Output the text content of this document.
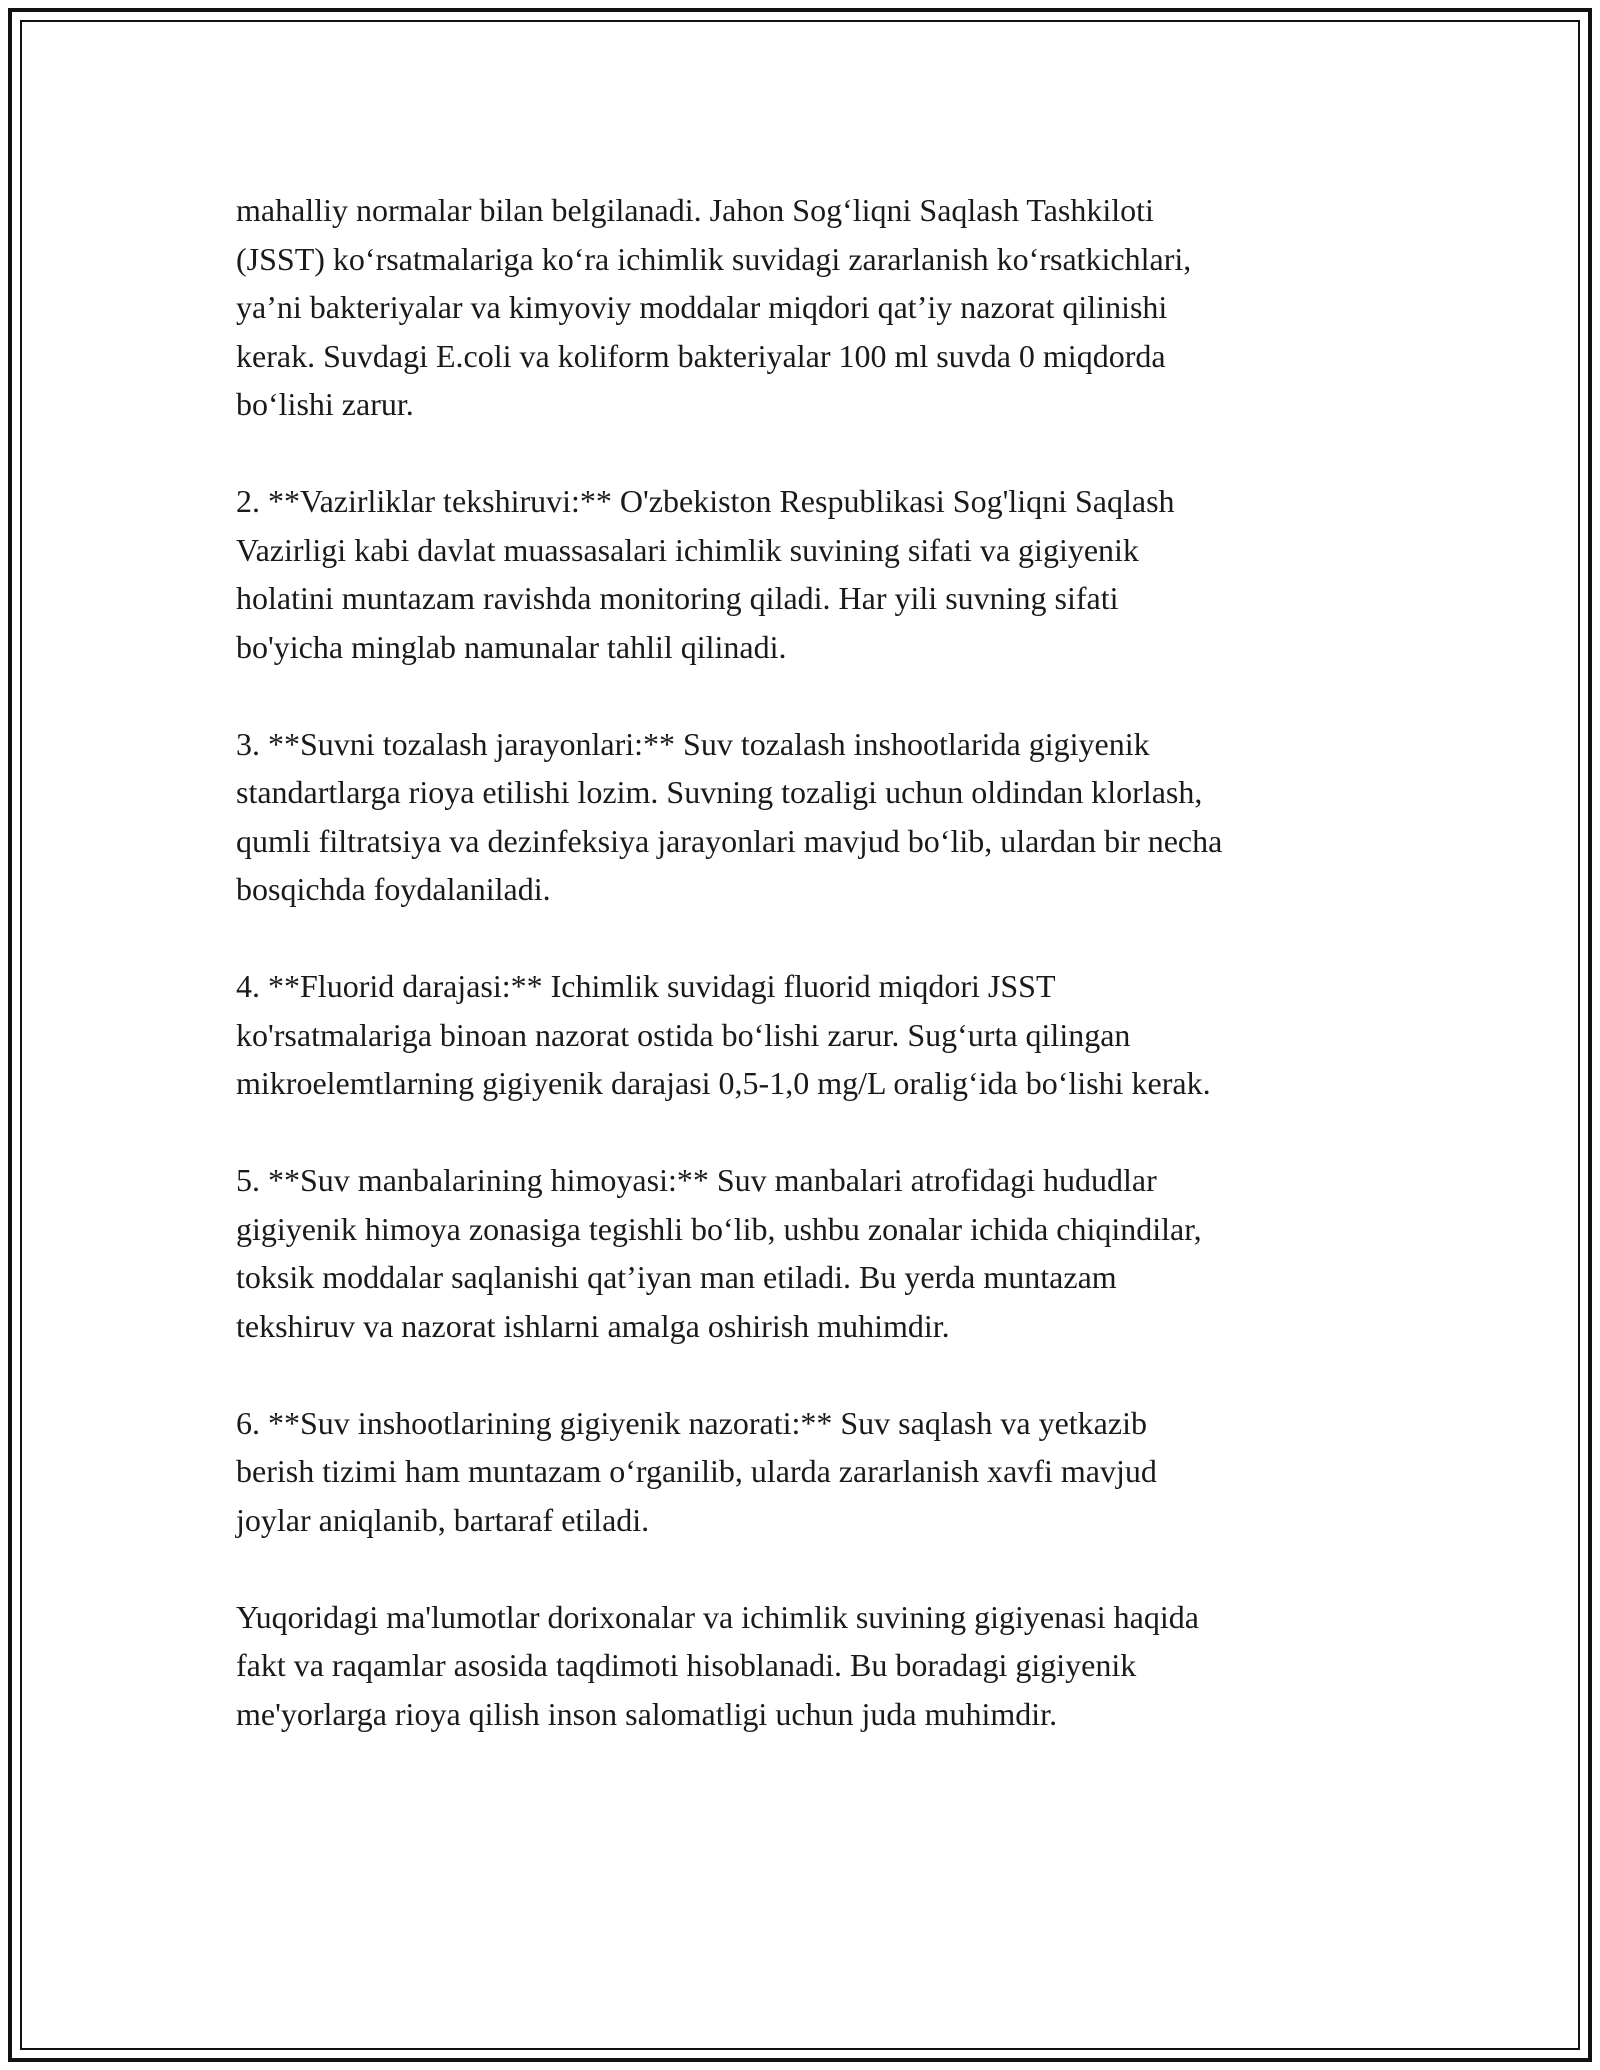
mahalliy normalar bilan belgilanadi. Jahon Sog‘liqni Saqlash Tashkiloti
(JSST) ko‘rsatmalariga ko‘ra ichimlik suvidagi zararlanish ko‘rsatkichlari,
ya’ni bakteriyalar va kimyoviy moddalar miqdori qat’iy nazorat qilinishi
kerak. Suvdagi E.coli va koliform bakteriyalar 100 ml suvda 0 miqdorda
bo‘lishi zarur.

2. **Vazirliklar tekshiruvi:** O'zbekiston Respublikasi Sog'liqni Saqlash
Vazirligi kabi davlat muassasalari ichimlik suvining sifati va gigiyenik
holatini muntazam ravishda monitoring qiladi. Har yili suvning sifati
bo'yicha minglab namunalar tahlil qilinadi.

3. **Suvni tozalash jarayonlari:** Suv tozalash inshootlarida gigiyenik
standartlarga rioya etilishi lozim. Suvning tozaligi uchun oldindan klorlash,
qumli filtratsiya va dezinfeksiya jarayonlari mavjud bo‘lib, ulardan bir necha
bosqichda foydalaniladi.

4. **Fluorid darajasi:** Ichimlik suvidagi fluorid miqdori JSST
ko'rsatmalariga binoan nazorat ostida bo‘lishi zarur. Sug‘urta qilingan
mikroelemtlarning gigiyenik darajasi 0,5-1,0 mg/L oralig‘ida bo‘lishi kerak.

5. **Suv manbalarining himoyasi:** Suv manbalari atrofidagi hududlar
gigiyenik himoya zonasiga tegishli bo‘lib, ushbu zonalar ichida chiqindilar,
toksik moddalar saqlanishi qat’iyan man etiladi. Bu yerda muntazam
tekshiruv va nazorat ishlarni amalga oshirish muhimdir.

6. **Suv inshootlarining gigiyenik nazorati:** Suv saqlash va yetkazib
berish tizimi ham muntazam o‘rganilib, ularda zararlanish xavfi mavjud
joylar aniqlanib, bartaraf etiladi.

Yuqoridagi ma'lumotlar dorixonalar va ichimlik suvining gigiyenasi haqida
fakt va raqamlar asosida taqdimoti hisoblanadi. Bu boradagi gigiyenik
me'yorlarga rioya qilish inson salomatligi uchun juda muhimdir.
